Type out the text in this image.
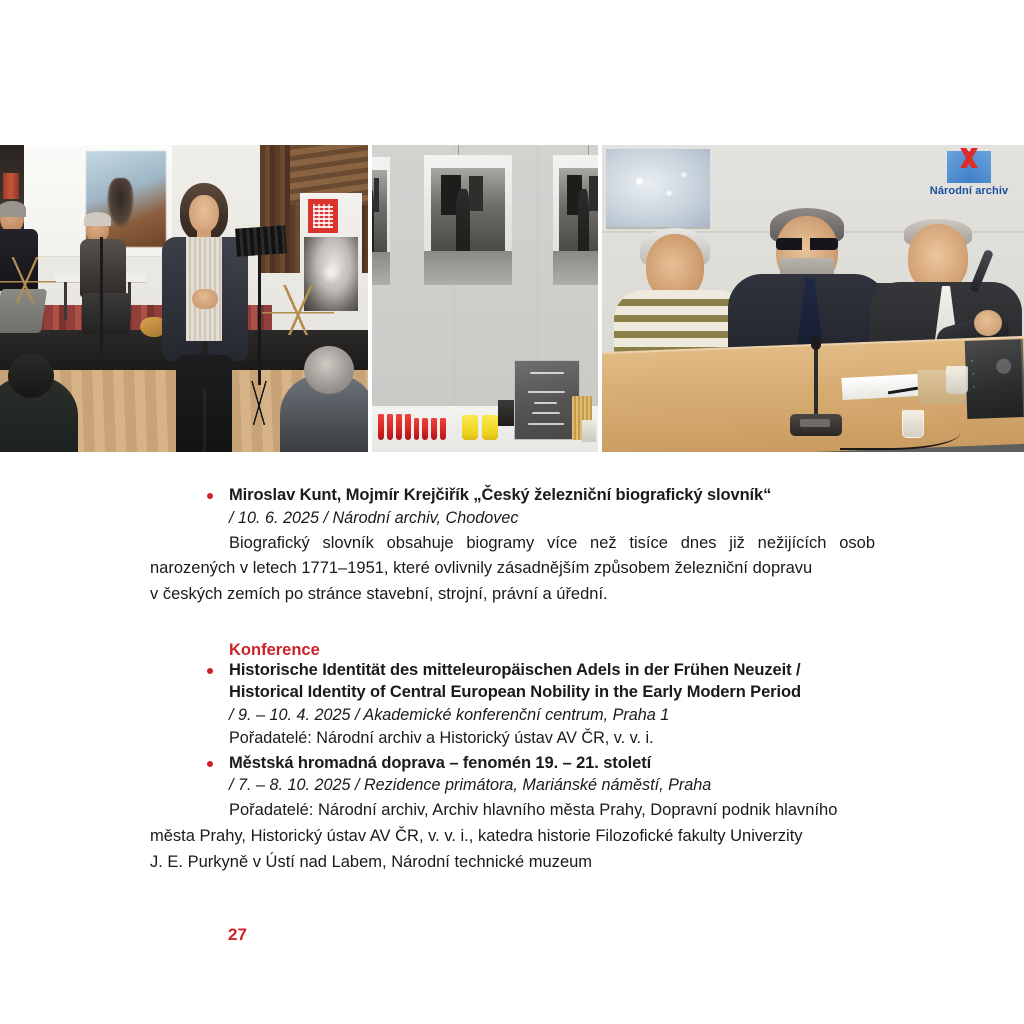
Národní archiv
Miroslav Kunt, Mojmír Krejčiřík „Český železniční biografický slovník“
/ 10. 6. 2025 / Národní archiv, Chodovec
Biografický slovník obsahuje biogramy více než tisíce dnes již nežijících osob narozených v letech 1771–1951, které ovlivnily zásadnějším způsobem železniční dopravu
v českých zemích po stránce stavební, strojní, právní a úřední.
Konference
Historische Identität des mitteleuropäischen Adels in der Frühen Neuzeit /
Historical Identity of Central European Nobility in the Early Modern Period
/ 9. – 10. 4. 2025 / Akademické konferenční centrum, Praha 1
Pořadatelé: Národní archiv a Historický ústav AV ČR, v. v. i.
Městská hromadná doprava – fenomén 19. – 21. století
/ 7. – 8. 10. 2025 / Rezidence primátora, Mariánské náměstí, Praha
Pořadatelé: Národní archiv, Archiv hlavního města Prahy, Dopravní podnik hlavního
města Prahy, Historický ústav AV ČR, v. v. i., katedra historie Filozofické fakulty Univerzity
J. E. Purkyně v Ústí nad Labem, Národní technické muzeum
27
